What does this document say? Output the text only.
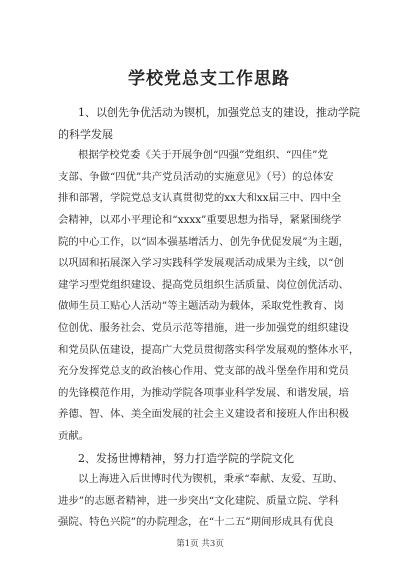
学校党总支工作思路
1、以创先争优活动为锲机，加强党总支的建设，推动学院
的科学发展
根据学校党委《关于开展争创“四强”党组织、“四佳”党
支部、争做“四优”共产党员活动的实施意见》（号）的总体安
排和部署，学院党总支认真贯彻党的xx大和xx届三中、四中全
会精神，以邓小平理论和“xxxx”重要思想为指导，紧紧围绕学
院的中心工作，以“固本强基增活力、创先争优促发展”为主题，
以巩固和拓展深入学习实践科学发展观活动成果为主线，以“创
建学习型党组织建设、提高党员组织生活质量、岗位创优活动、
做师生员工贴心人活动”等主题活动为载体，采取党性教育、岗
位创优、服务社会、党员示范等措施，进一步加强党的组织建设
和党员队伍建设，提高广大党员贯彻落实科学发展观的整体水平，
充分发挥党总支的政治核心作用、党支部的战斗堡垒作用和党员
的先锋模范作用，为推动学院各项事业科学发展、和谐发展，培
养德、智、体、美全面发展的社会主义建设者和接班人作出积极
贡献。
2、发扬世博精神，努力打造学院的学院文化
以上海进入后世博时代为锲机，秉承“奉献、友爱、互助、
进步”的志愿者精神，进一步突出“文化建院、质量立院、学科
强院、特色兴院”的办院理念，在“十二五”期间形成具有优良
第1页 共3页
